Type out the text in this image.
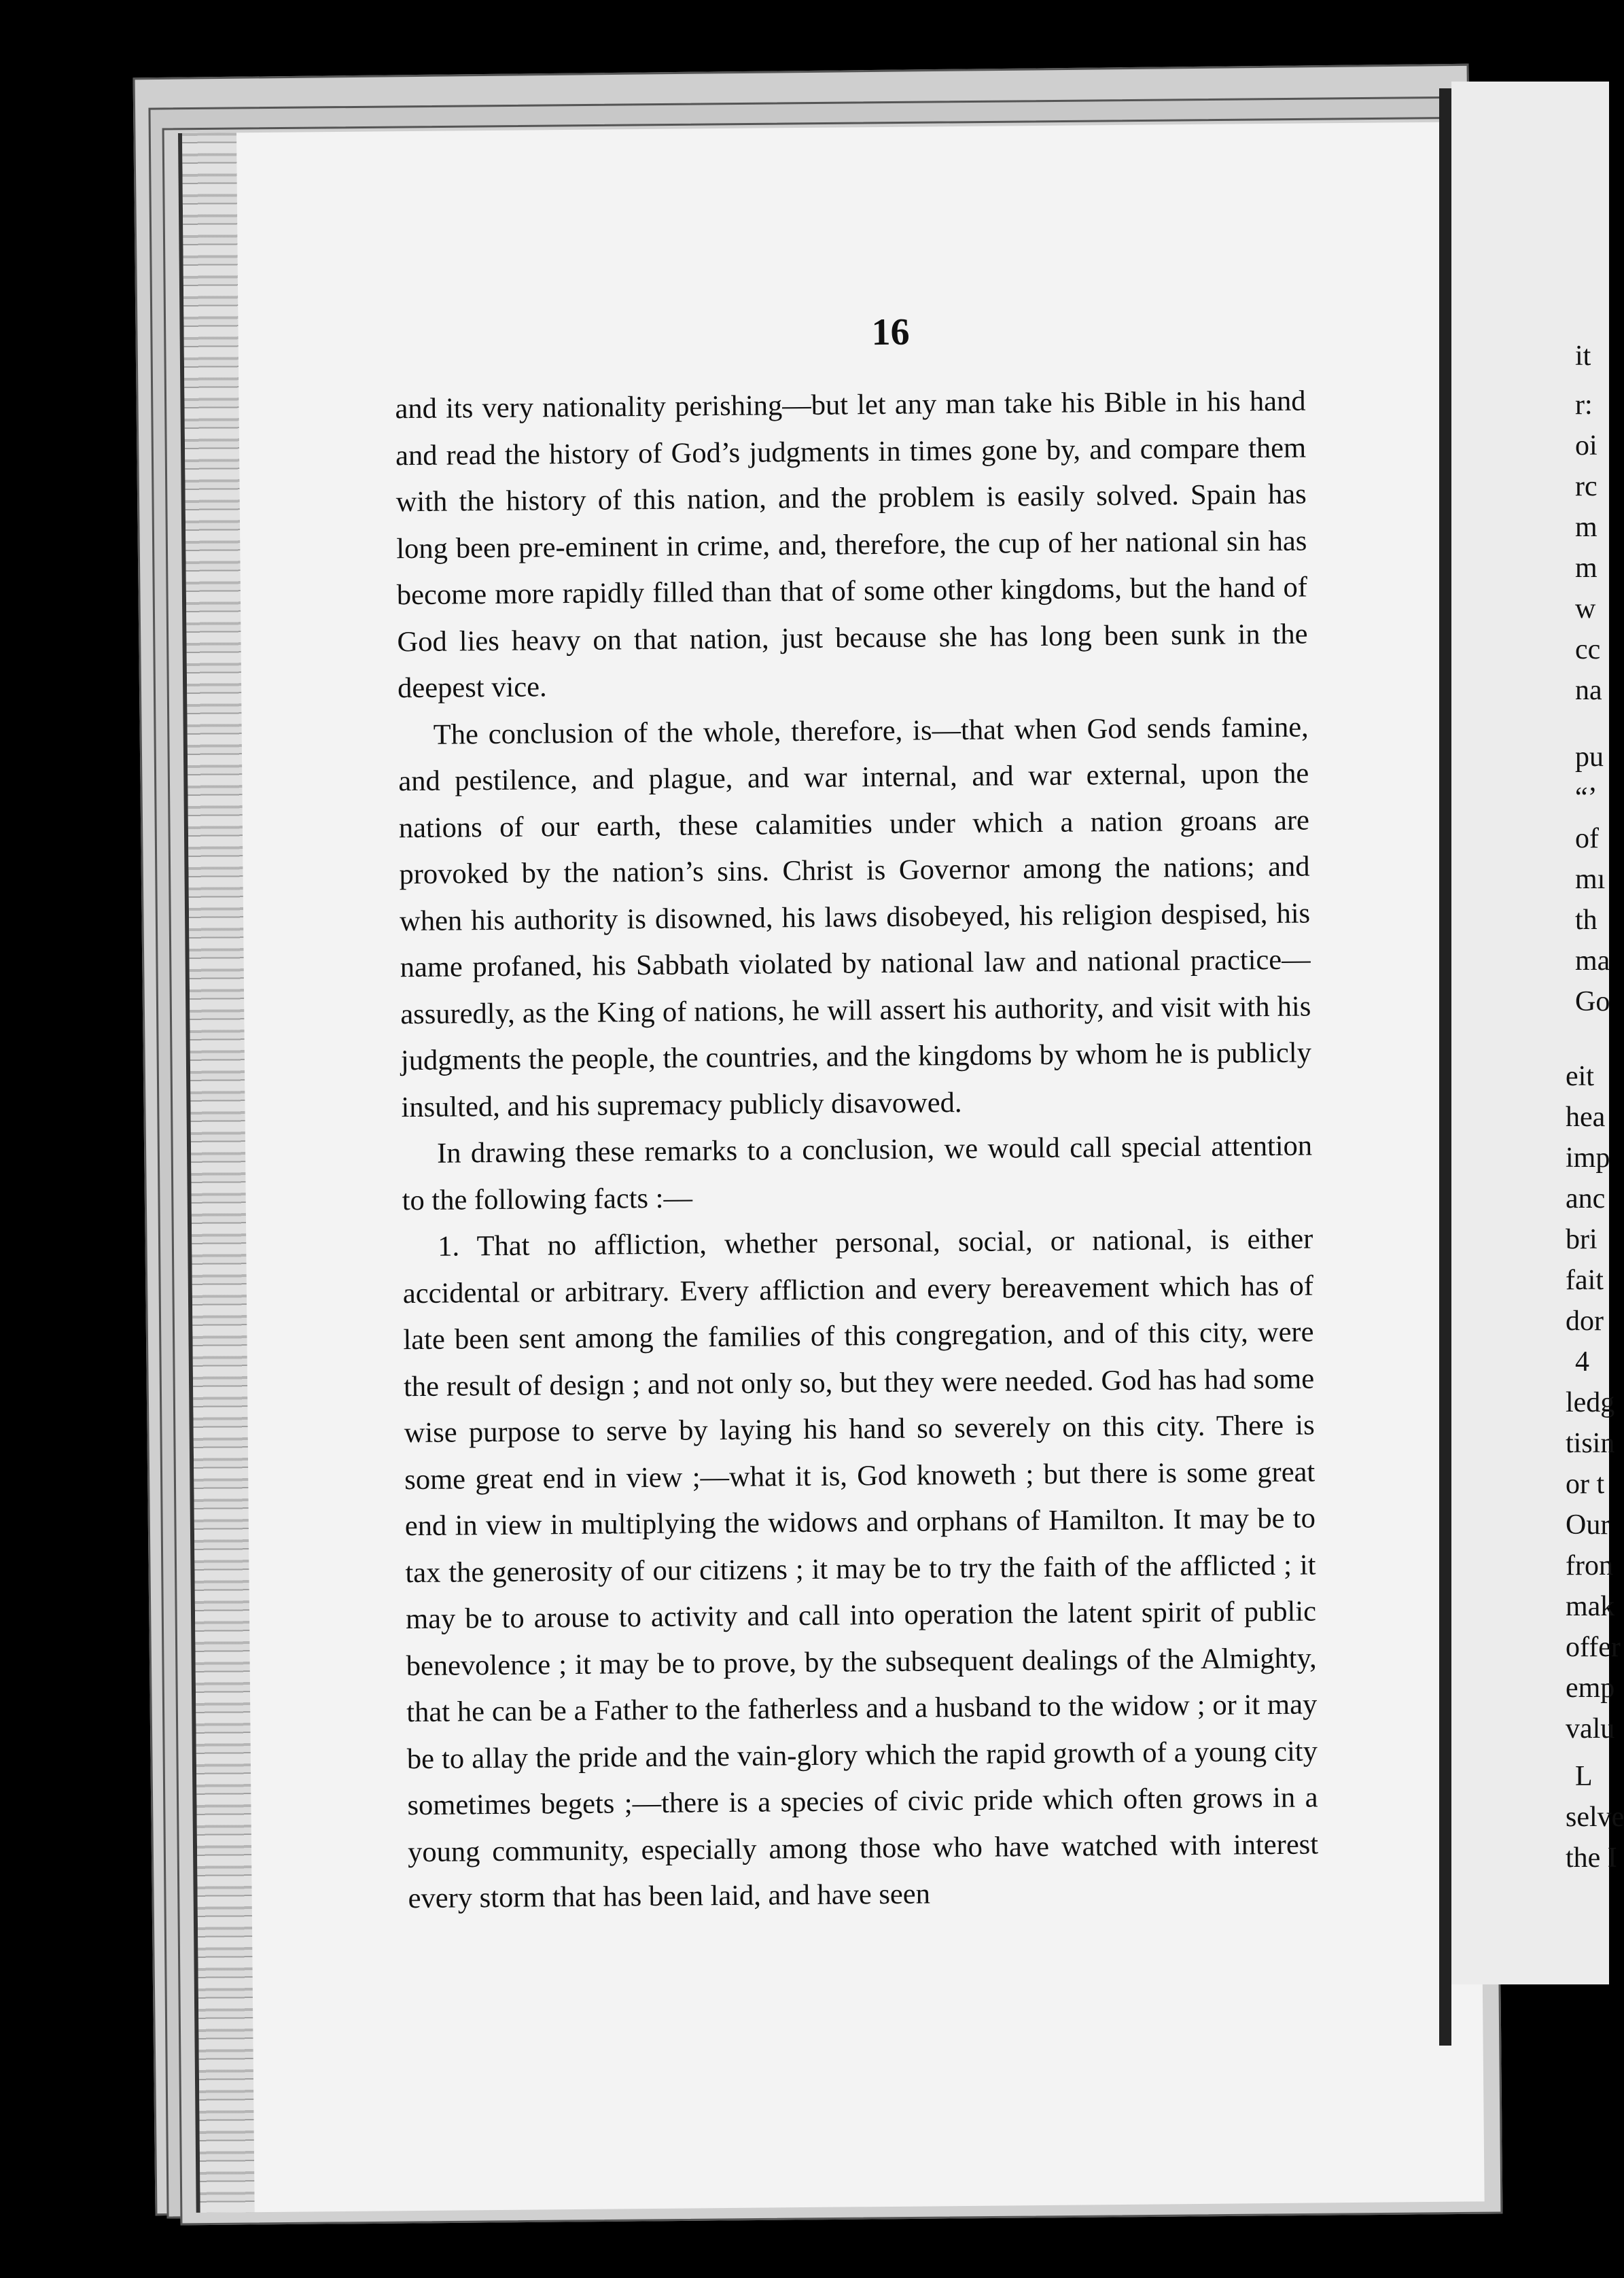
16

and its very nationality perishing—but let any man take his Bible in his hand and read the history of God’s judgments in times gone by, and compare them with the history of this nation, and the problem is easily solved. Spain has long been pre-eminent in crime, and, therefore, the cup of her national sin has become more rapidly filled than that of some other kingdoms, but the hand of God lies heavy on that nation, just because she has long been sunk in the deepest vice.

The conclusion of the whole, therefore, is—that when God sends famine, and pestilence, and plague, and war internal, and war external, upon the nations of our earth, these calamities under which a nation groans are provoked by the nation’s sins. Christ is Governor among the nations; and when his authority is disowned, his laws disobeyed, his religion despised, his name profaned, his Sabbath violated by national law and national practice—assuredly, as the King of nations, he will assert his authority, and visit with his judgments the people, the countries, and the kingdoms by whom he is publicly insulted, and his supremacy publicly disavowed.

In drawing these remarks to a conclusion, we would call special attention to the following facts :—

1. That no affliction, whether personal, social, or national, is either accidental or arbitrary. Every affliction and every bereavement which has of late been sent among the families of this congregation, and of this city, were the result of design ; and not only so, but they were needed. God has had some wise purpose to serve by laying his hand so severely on this city. There is some great end in view ;—what it is, God knoweth ; but there is some great end in view in multiplying the widows and orphans of Hamilton. It may be to tax the generosity of our citizens ; it may be to try the faith of the afflicted ; it may be to arouse to activity and call into operation the latent spirit of public benevolence ; it may be to prove, by the subsequent dealings of the Almighty, that he can be a Father to the fatherless and a husband to the widow ; or it may be to allay the pride and the vain-glory which the rapid growth of a young city sometimes begets ;—there is a species of civic pride which often grows in a young community, especially among those who have watched with interest every storm that has been laid, and have seen

it
r:
oi
rc
m
m
w
cc
na
pu
“’
of
mı
th
ma
Go
eit
hea
imp
anc
bri
fait
dor
4
ledg
tisin
or t
Our
fron
mak
offer
emp
valu
L
selve
the I
